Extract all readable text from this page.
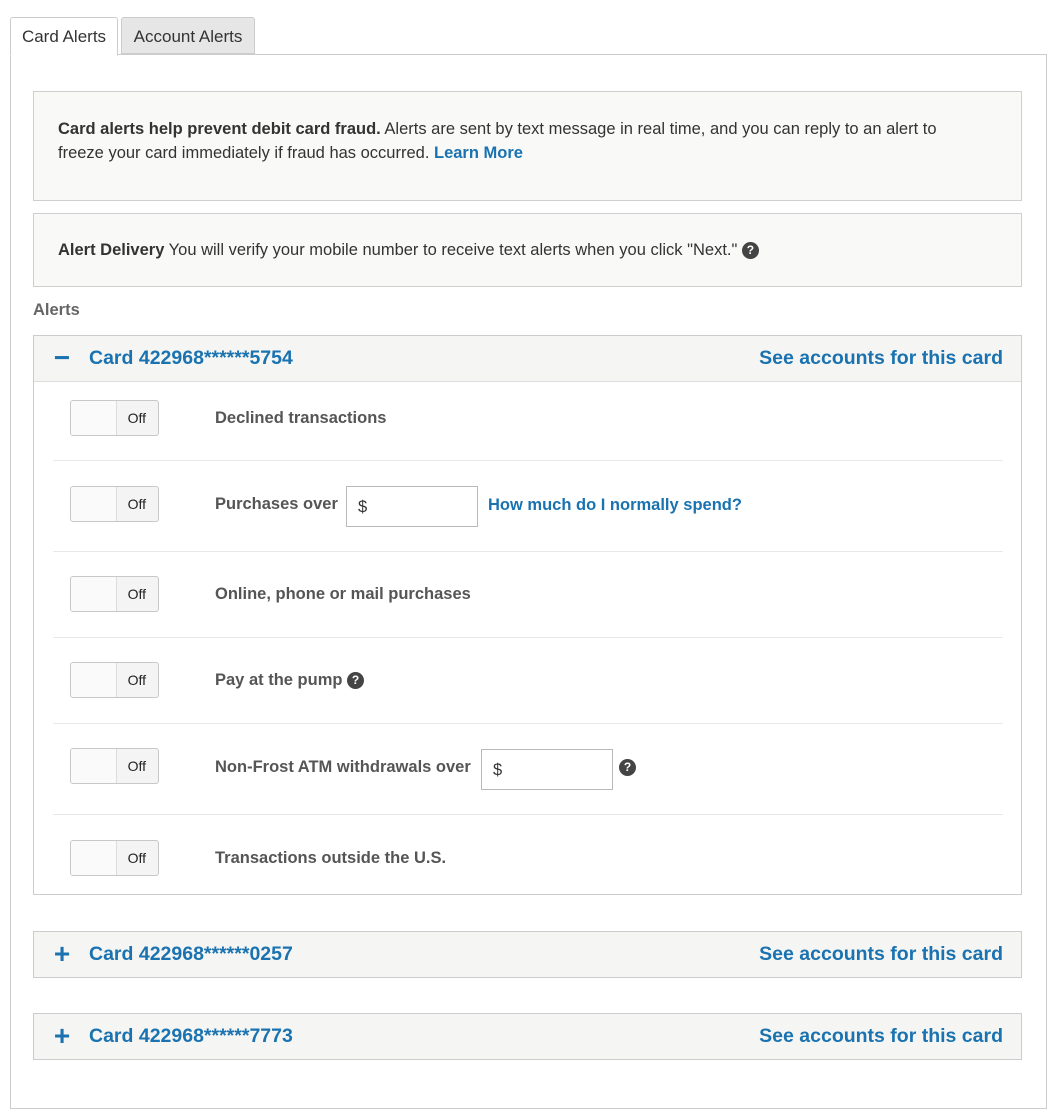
Card Alerts	Account Alerts
Card alerts help prevent debit card fraud. Alerts are sent by text message in real time, and you can reply to an alert to
freeze your card immediately if fraud has occurred. Learn More
Alert Delivery You will verify your mobile number to receive text alerts when you click "Next." ?
Alerts
− Card 422968******5754	See accounts for this card
Off	Declined transactions
Off	Purchases over	$	How much do I normally spend?
Off	Online, phone or mail purchases
Off	Pay at the pump ?
Off	Non-Frost ATM withdrawals over	$	?
Off	Transactions outside the U.S.
+ Card 422968******0257	See accounts for this card
+ Card 422968******7773	See accounts for this card
